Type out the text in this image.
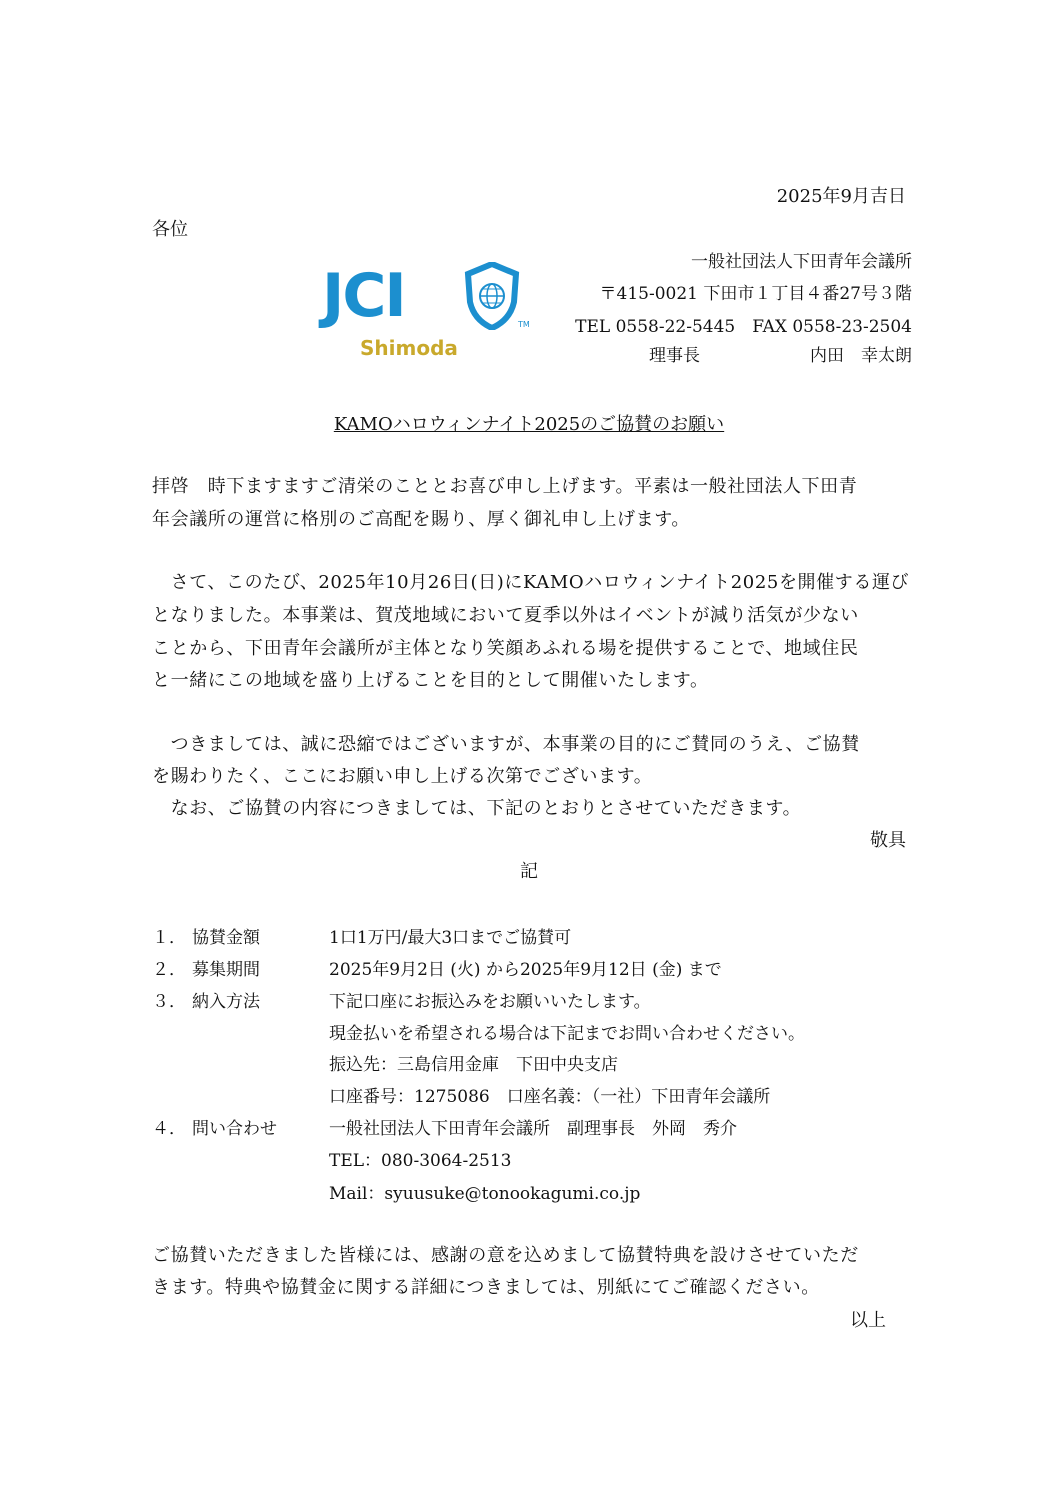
2025年9月吉日
各位
一般社団法人下田青年会議所
〒415-0021 下田市１丁目４番27号３階
TEL 0558-22-5445　FAX 0558-23-2504
理事長	内田　幸太朗
JCI	TM
Shimoda
KAMOハロウィンナイト2025のご協賛のお願い
拝啓　時下ますますご清栄のこととお喜び申し上げます。平素は一般社団法人下田青
年会議所の運営に格別のご高配を賜り、厚く御礼申し上げます。
　さて、このたび、2025年10月26日(日)にKAMOハロウィンナイト2025を開催する運び
となりました。本事業は、賀茂地域において夏季以外はイベントが減り活気が少ない
ことから、下田青年会議所が主体となり笑顔あふれる場を提供することで、地域住民
と一緒にこの地域を盛り上げることを目的として開催いたします。
　つきましては、誠に恐縮ではございますが、本事業の目的にご賛同のうえ、ご協賛
を賜わりたく、ここにお願い申し上げる次第でございます。
　なお、ご協賛の内容につきましては、下記のとおりとさせていただきます。
敬具
記
１． 協賛金額	1口1万円/最大3口までご協賛可
２． 募集期間	2025年9月2日 (火) から2025年9月12日 (金) まで
３． 納入方法	下記口座にお振込みをお願いいたします。
現金払いを希望される場合は下記までお問い合わせください。
振込先：三島信用金庫　下田中央支店
口座番号：1275086　口座名義：（一社）下田青年会議所
４． 問い合わせ	一般社団法人下田青年会議所　副理事長　外岡　秀介
TEL：080-3064-2513
Mail：syuusuke@tonookagumi.co.jp
ご協賛いただきました皆様には、感謝の意を込めまして協賛特典を設けさせていただ
きます。特典や協賛金に関する詳細につきましては、別紙にてご確認ください。
以上
